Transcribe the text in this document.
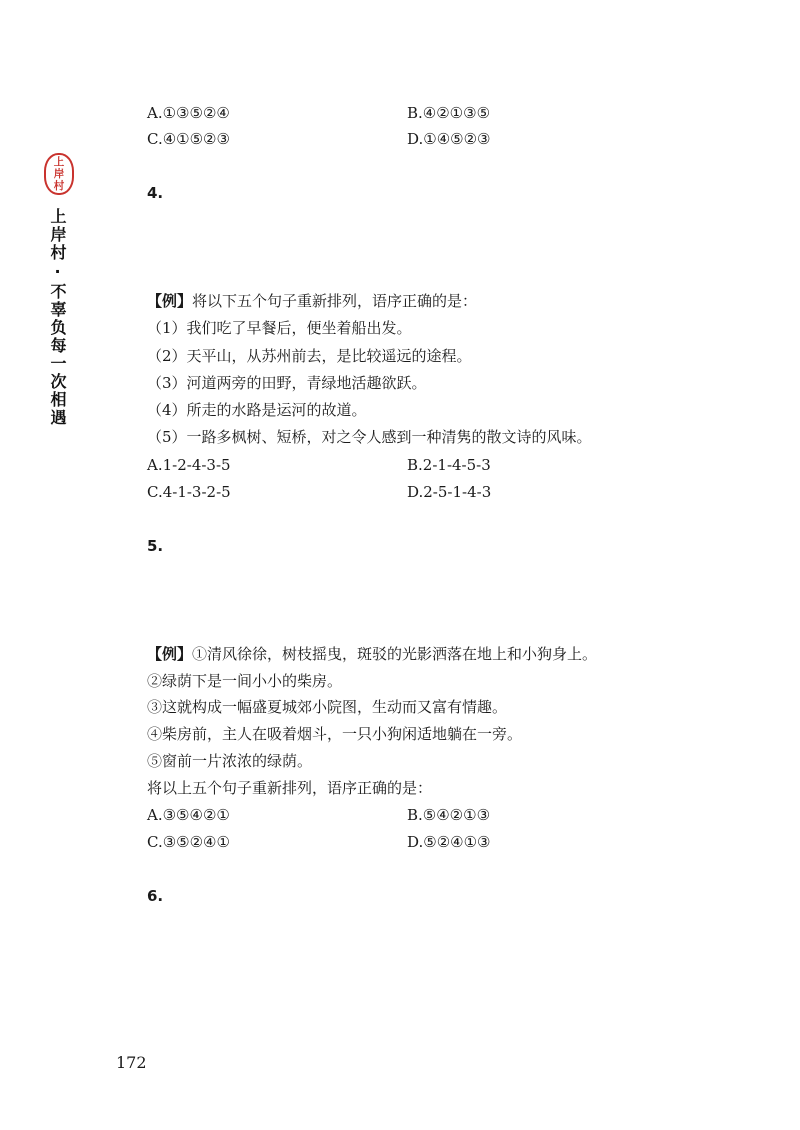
上
岸
村
上岸村·不辜负每一次相遇
A.①③⑤②④	B.④②①③⑤
C.④①⑤②③	D.①④⑤②③
4.
【例】将以下五个句子重新排列，语序正确的是：
（1）我们吃了早餐后，便坐着船出发。
（2）天平山，从苏州前去，是比较遥远的途程。
（3）河道两旁的田野，青绿地活趣欲跃。
（4）所走的水路是运河的故道。
（5）一路多枫树、短桥，对之令人感到一种清隽的散文诗的风味。
A.1-2-4-3-5	B.2-1-4-5-3
C.4-1-3-2-5	D.2-5-1-4-3
5.
【例】①清风徐徐，树枝摇曳，斑驳的光影洒落在地上和小狗身上。
②绿荫下是一间小小的柴房。
③这就构成一幅盛夏城郊小院图，生动而又富有情趣。
④柴房前，主人在吸着烟斗，一只小狗闲适地躺在一旁。
⑤窗前一片浓浓的绿荫。
将以上五个句子重新排列，语序正确的是：
A.③⑤④②①	B.⑤④②①③
C.③⑤②④①	D.⑤②④①③
6.
172
